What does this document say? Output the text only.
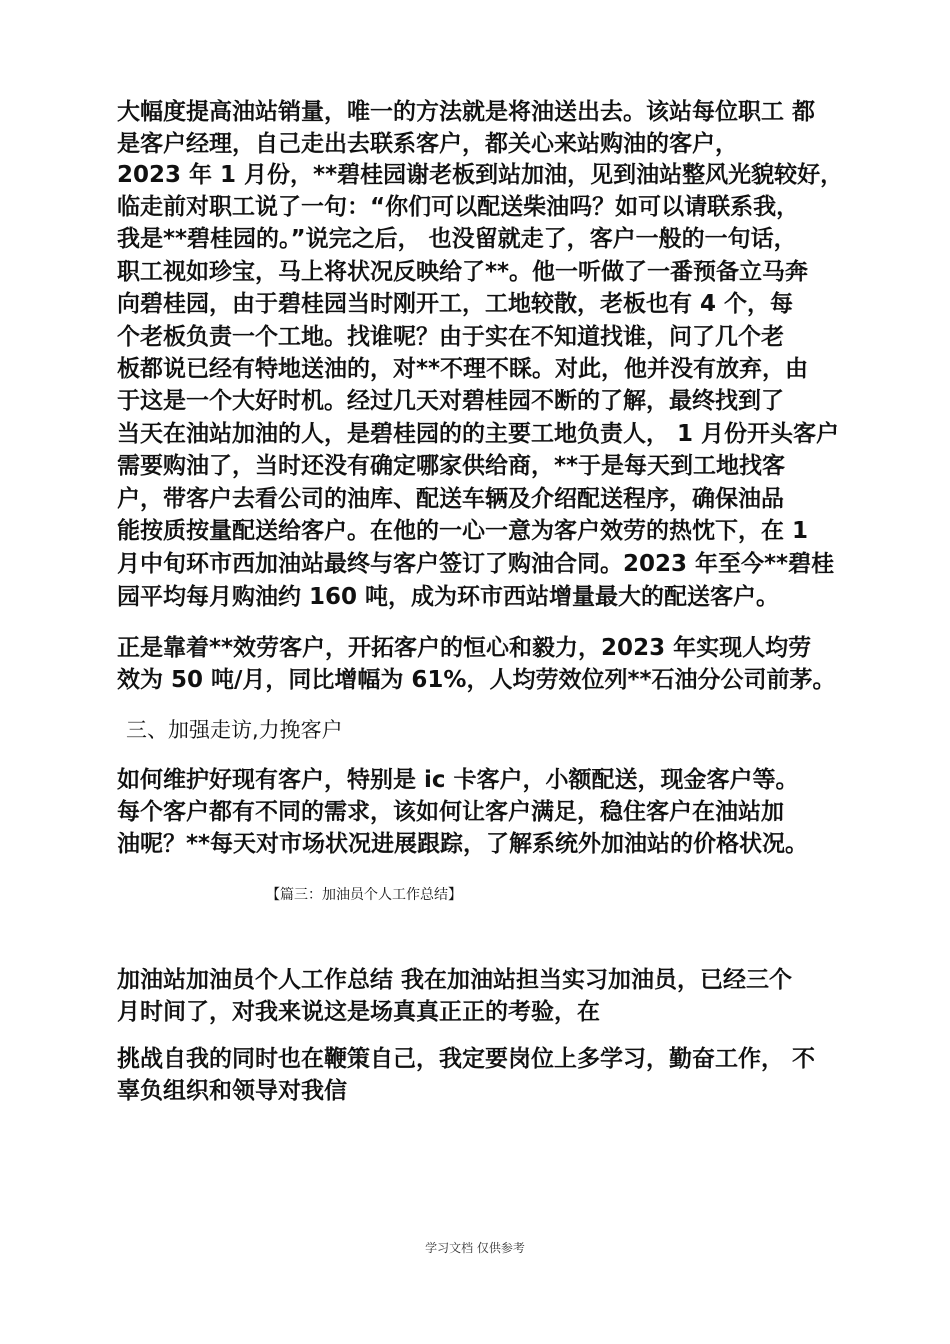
大幅度提高油站销量，唯一的方法就是将油送出去。该站每位职工 都
是客户经理，自己走出去联系客户，都关心来站购油的客户，
2023 年 1 月份，**碧桂园谢老板到站加油，见到油站整风光貌较好，
临走前对职工说了一句：“你们可以配送柴油吗？如可以请联系我，
我是**碧桂园的。”说完之后， 也没留就走了，客户一般的一句话，
职工视如珍宝，马上将状况反映给了**。他一听做了一番预备立马奔
向碧桂园，由于碧桂园当时刚开工，工地较散，老板也有 4 个，每
个老板负责一个工地。找谁呢？由于实在不知道找谁，问了几个老
板都说已经有特地送油的，对**不理不睬。对此，他并没有放弃，由
于这是一个大好时机。经过几天对碧桂园不断的了解，最终找到了
当天在油站加油的人，是碧桂园的的主要工地负责人， 1 月份开头客户
需要购油了，当时还没有确定哪家供给商，**于是每天到工地找客
户，带客户去看公司的油库、配送车辆及介绍配送程序，确保油品
能按质按量配送给客户。在他的一心一意为客户效劳的热忱下，在 1
月中旬环市西加油站最终与客户签订了购油合同。2023 年至今**碧桂
园平均每月购油约 160 吨，成为环市西站增量最大的配送客户。
正是靠着**效劳客户，开拓客户的恒心和毅力，2023 年实现人均劳
效为 50 吨/月，同比增幅为 61%，人均劳效位列**石油分公司前茅。
三、加强走访,力挽客户
如何维护好现有客户，特别是 ic 卡客户，小额配送，现金客户等。
每个客户都有不同的需求，该如何让客户满足，稳住客户在油站加
油呢？**每天对市场状况进展跟踪，了解系统外加油站的价格状况。
【篇三：加油员个人工作总结】
加油站加油员个人工作总结 我在加油站担当实习加油员，已经三个
月时间了，对我来说这是场真真正正的考验，在
挑战自我的同时也在鞭策自己，我定要岗位上多学习，勤奋工作， 不
辜负组织和领导对我信
学习文档 仅供参考
